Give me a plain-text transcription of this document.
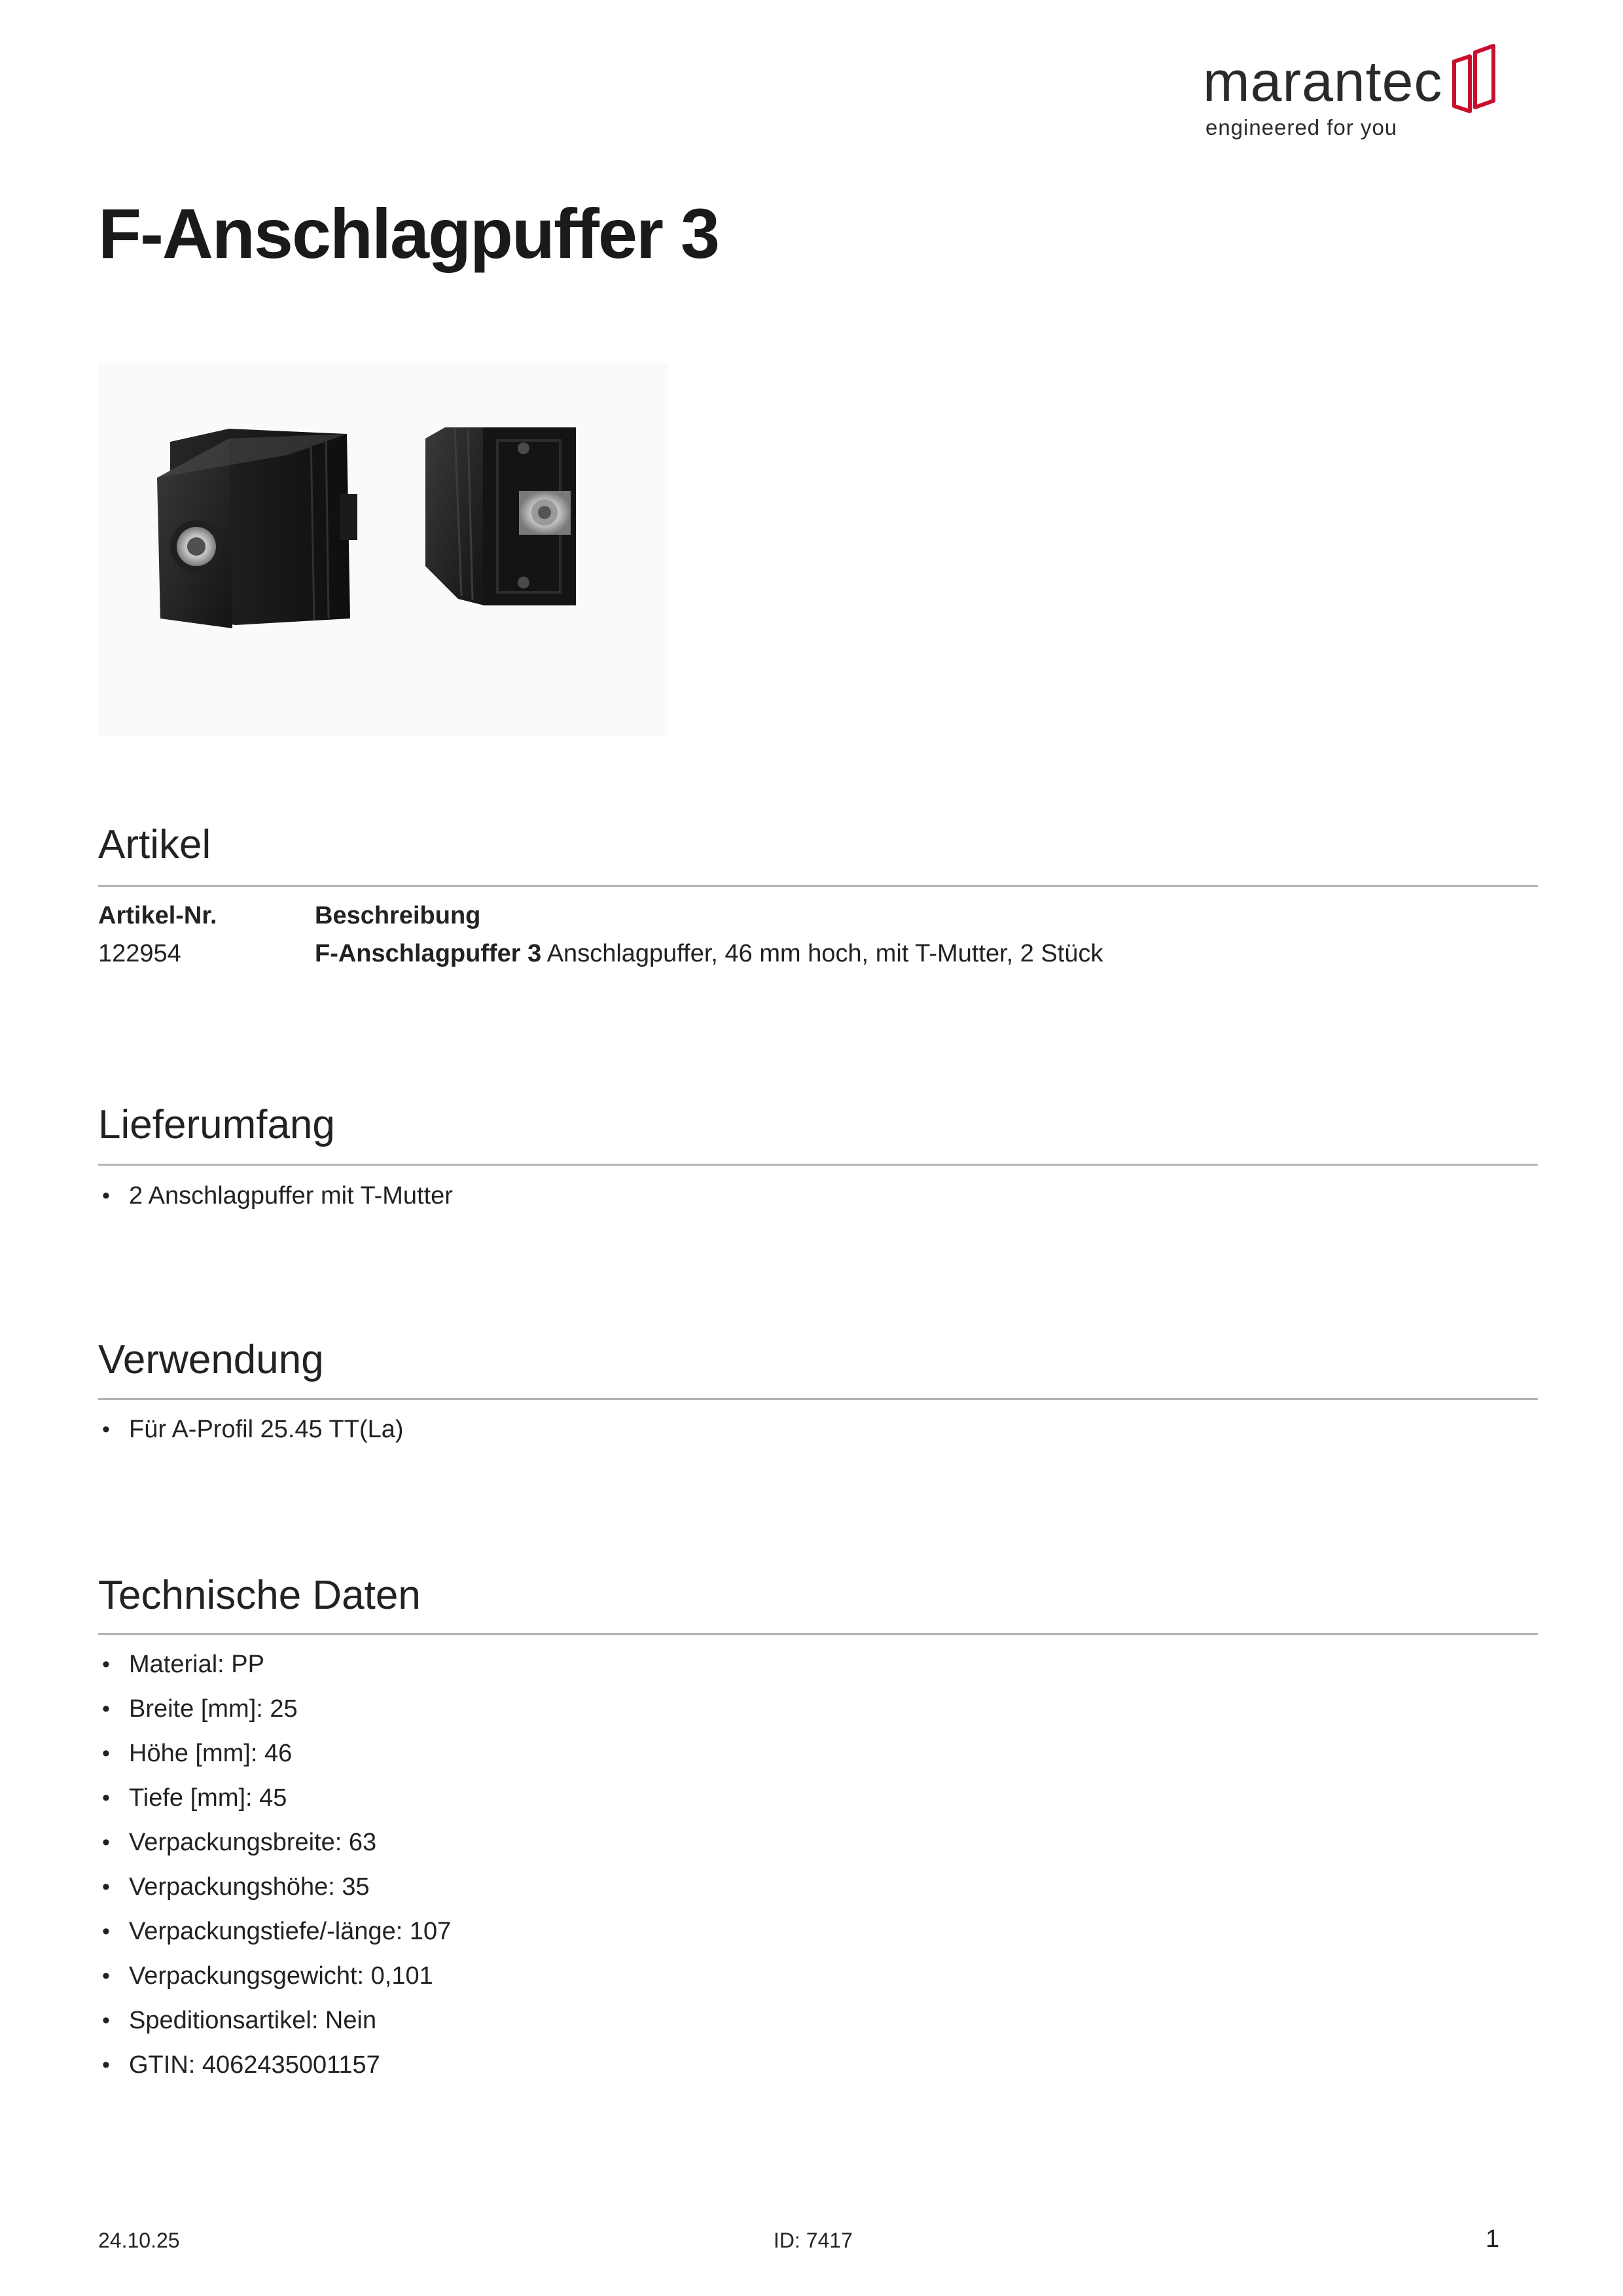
marantec
engineered for you
F-Anschlagpuffer 3
Artikel
Artikel-Nr.	Beschreibung
122954	F-Anschlagpuffer 3 Anschlagpuffer, 46 mm hoch, mit T-Mutter, 2 Stück
Lieferumfang
• 2 Anschlagpuffer mit T-Mutter
Verwendung
• Für A-Profil 25.45 TT(La)
Technische Daten
• Material: PP
• Breite [mm]: 25
• Höhe [mm]: 46
• Tiefe [mm]: 45
• Verpackungsbreite: 63
• Verpackungshöhe: 35
• Verpackungstiefe/-länge: 107
• Verpackungsgewicht: 0,101
• Speditionsartikel: Nein
• GTIN: 4062435001157
24.10.25	ID: 7417	1
